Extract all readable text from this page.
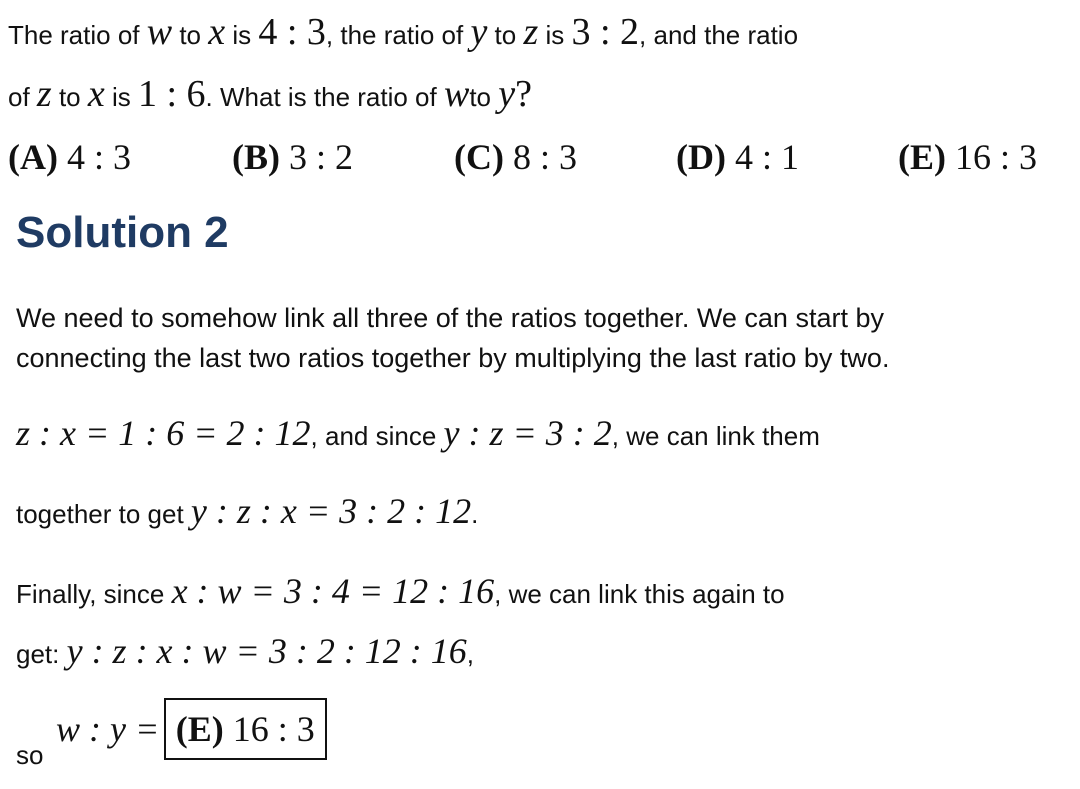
The ratio of w to x is 4 : 3, the ratio of y to z is 3 : 2, and the ratio
of z to x is 1 : 6. What is the ratio of wto y?
(A) 4 : 3	(B) 3 : 2	(C) 8 : 3	(D) 4 : 1	(E) 16 : 3
Solution 2
We need to somehow link all three of the ratios together. We can start by
connecting the last two ratios together by multiplying the last ratio by two.
z : x = 1 : 6 = 2 : 12, and since y : z = 3 : 2, we can link them
together to get y : z : x = 3 : 2 : 12.
Finally, since x : w = 3 : 4 = 12 : 16, we can link this again to
get: y : z : x : w = 3 : 2 : 12 : 16,
so
w : y = (E) 16 : 3
